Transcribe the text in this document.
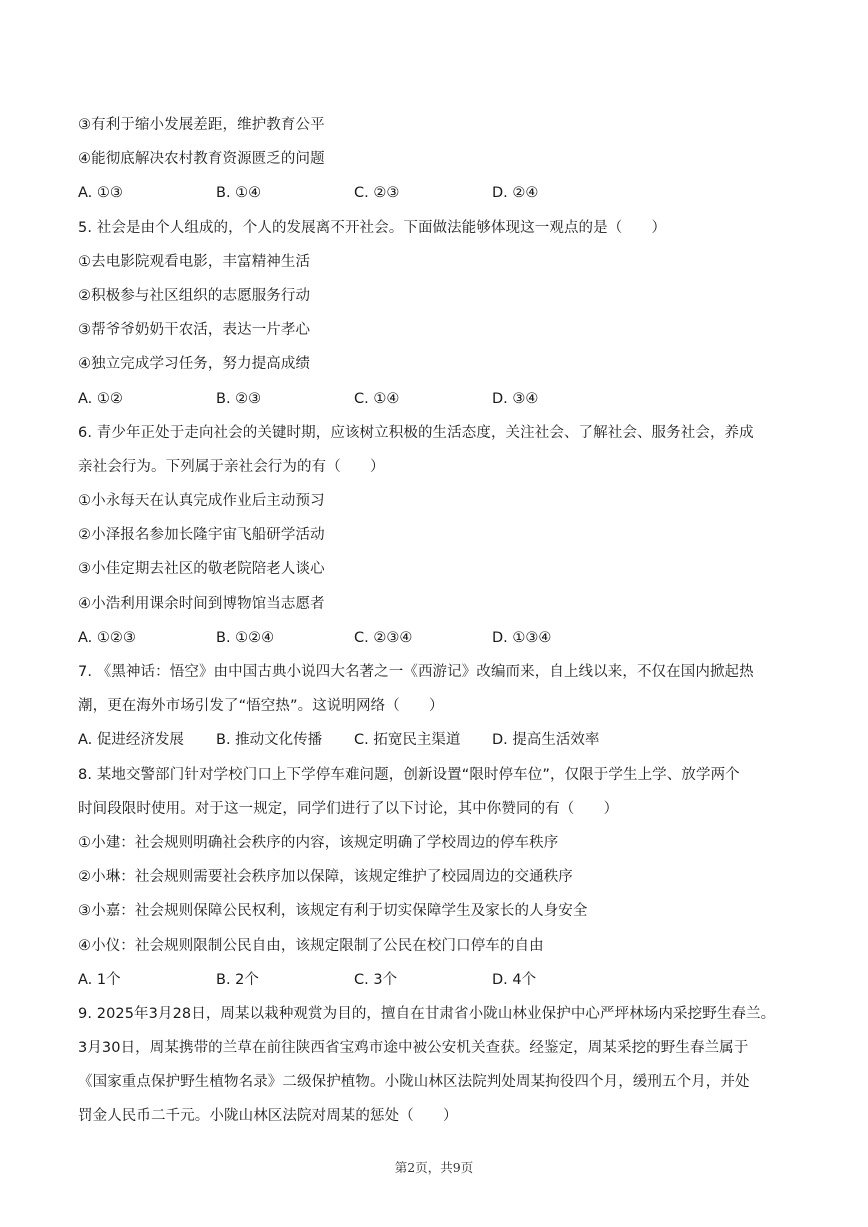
③有利于缩小发展差距，维护教育公平
④能彻底解决农村教育资源匮乏的问题
A. ①③	B. ①④	C. ②③	D. ②④
5. 社会是由个人组成的，个人的发展离不开社会。下面做法能够体现这一观点的是（　　）
①去电影院观看电影，丰富精神生活
②积极参与社区组织的志愿服务行动
③帮爷爷奶奶干农活，表达一片孝心
④独立完成学习任务，努力提高成绩
A. ①②	B. ②③	C. ①④	D. ③④
6. 青少年正处于走向社会的关键时期，应该树立积极的生活态度，关注社会、了解社会、服务社会，养成
亲社会行为。下列属于亲社会行为的有（　　）
①小永每天在认真完成作业后主动预习
②小泽报名参加长隆宇宙飞船研学活动
③小佳定期去社区的敬老院陪老人谈心
④小浩利用课余时间到博物馆当志愿者
A. ①②③	B. ①②④	C. ②③④	D. ①③④
7. 《黑神话：悟空》由中国古典小说四大名著之一《西游记》改编而来，自上线以来，不仅在国内掀起热
潮，更在海外市场引发了“悟空热”。这说明网络（　　）
A. 促进经济发展	B. 推动文化传播	C. 拓宽民主渠道	D. 提高生活效率
8. 某地交警部门针对学校门口上下学停车难问题，创新设置“限时停车位”，仅限于学生上学、放学两个
时间段限时使用。对于这一规定，同学们进行了以下讨论，其中你赞同的有（　　）
①小建：社会规则明确社会秩序的内容，该规定明确了学校周边的停车秩序
②小琳：社会规则需要社会秩序加以保障，该规定维护了校园周边的交通秩序
③小嘉：社会规则保障公民权利，该规定有利于切实保障学生及家长的人身安全
④小仪：社会规则限制公民自由，该规定限制了公民在校门口停车的自由
A. 1个	B. 2个	C. 3个	D. 4个
9. 2025年3月28日，周某以栽种观赏为目的，擅自在甘肃省小陇山林业保护中心严坪林场内采挖野生春兰。
3月30日，周某携带的兰草在前往陕西省宝鸡市途中被公安机关查获。经鉴定，周某采挖的野生春兰属于
《国家重点保护野生植物名录》二级保护植物。小陇山林区法院判处周某拘役四个月，缓刑五个月，并处
罚金人民币二千元。小陇山林区法院对周某的惩处（　　）
第2页，共9页
